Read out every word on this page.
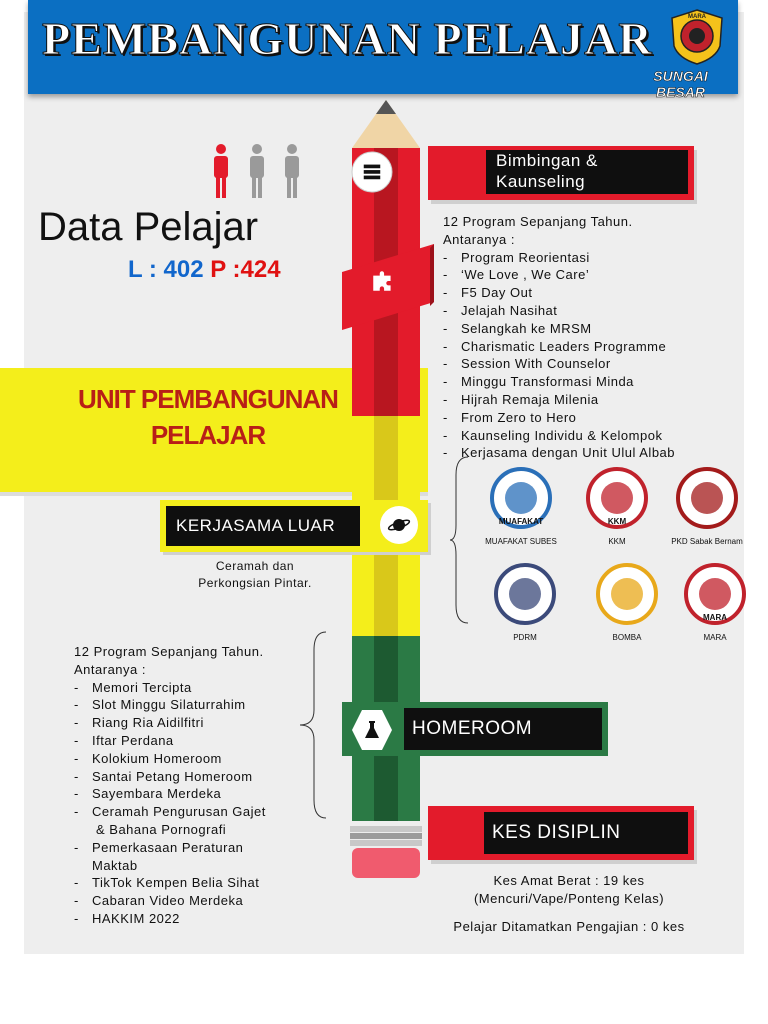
PEMBANGUNAN PELAJAR	MARA
SUNGAI BESAR
Data Pelajar
L : 402 P :424
UNIT PEMBANGUNAN
PELAJAR
Bimbingan &
Kaunseling
12 Program Sepanjang Tahun.
Antaranya :
- Program Reorientasi
- ‘We Love , We Care’
- F5 Day Out
- Jelajah Nasihat
- Selangkah ke MRSM
- Charismatic Leaders Programme
- Session With Counselor
- Minggu Transformasi Minda
- Hijrah Remaja Milenia
- From Zero to Hero
- Kaunseling Individu & Kelompok
- Kerjasama dengan Unit Ulul Albab
KERJASAMA LUAR
Ceramah dan
Perkongsian Pintar.
MUAFAKAT
MUAFAKAT SUBES
KKM
KKM	PKD Sabak Bernam
PDRM	BOMBA
MARA
MARA
HOMEROOM
12 Program Sepanjang Tahun.
Antaranya :
- Memori Tercipta
- Slot Minggu Silaturrahim
- Riang Ria Aidilfitri
- Iftar Perdana
- Kolokium Homeroom
- Santai Petang Homeroom
- Sayembara Merdeka
- Ceramah Pengurusan Gajet
& Bahana Pornografi
- Pemerkasaan Peraturan
Maktab
- TikTok Kempen Belia Sihat
- Cabaran Video Merdeka
- HAKKIM 2022
KES DISIPLIN
Kes Amat Berat : 19 kes
(Mencuri/Vape/Ponteng Kelas)
Pelajar Ditamatkan Pengajian : 0 kes
